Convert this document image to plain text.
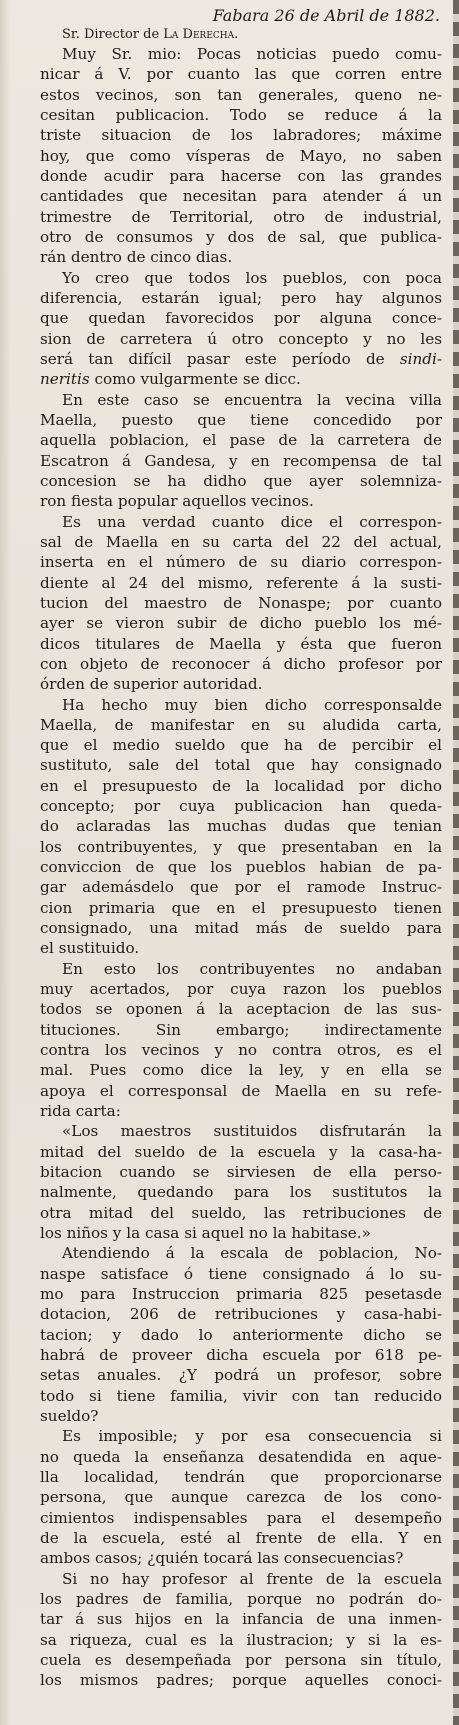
Fabara 26 de Abril de 1882.
Sr. Director de La Derecha.
Muy Sr. mio: Pocas noticias puedo comu-
nicar á V. por cuanto las que corren entre
estos vecinos, son tan generales, queno ne-
cesitan publicacion. Todo se reduce á la
triste situacion de los labradores; máxime
hoy, que como vísperas de Mayo, no saben
donde acudir para hacerse con las grandes
cantidades que necesitan para atender á un
trimestre de Territorial, otro de industrial,
otro de consumos y dos de sal, que publica-
rán dentro de cinco dias.
Yo creo que todos los pueblos, con poca
diferencia, estarán igual; pero hay algunos
que quedan favorecidos por alguna conce-
sion de carretera ú otro concepto y no les
será tan difícil pasar este período de sindi-
neritis como vulgarmente se dicc.
En este caso se encuentra la vecina villa
Maella, puesto que tiene concedido por
aquella poblacion, el pase de la carretera de
Escatron á Gandesa, y en recompensa de tal
concesion se ha didho que ayer solemniza-
ron fiesta popular aquellos vecinos.
Es una verdad cuanto dice el correspon-
sal de Maella en su carta del 22 del actual,
inserta en el número de su diario correspon-
diente al 24 del mismo, referente á la susti-
tucion del maestro de Nonaspe; por cuanto
ayer se vieron subir de dicho pueblo los mé-
dicos titulares de Maella y ésta que fueron
con objeto de reconocer á dicho profesor por
órden de superior autoridad.
Ha hecho muy bien dicho corresponsalde
Maella, de manifestar en su aludida carta,
que el medio sueldo que ha de percibir el
sustituto, sale del total que hay consignado
en el presupuesto de la localidad por dicho
concepto; por cuya publicacion han queda-
do aclaradas las muchas dudas que tenian
los contribuyentes, y que presentaban en la
conviccion de que los pueblos habian de pa-
gar ademásdelo que por el ramode Instruc-
cion primaria que en el presupuesto tienen
consignado, una mitad más de sueldo para
el sustituido.
En esto los contribuyentes no andaban
muy acertados, por cuya razon los pueblos
todos se oponen á la aceptacion de las sus-
tituciones. Sin embargo; indirectamente
contra los vecinos y no contra otros, es el
mal. Pues como dice la ley, y en ella se
apoya el corresponsal de Maella en su refe-
rida carta:
«Los maestros sustituidos disfrutarán la
mitad del sueldo de la escuela y la casa-ha-
bitacion cuando se sirviesen de ella perso-
nalmente, quedando para los sustitutos la
otra mitad del sueldo, las retribuciones de
los niños y la casa si aquel no la habitase.»
Atendiendo á la escala de poblacion, No-
naspe satisface ó tiene consignado á lo su-
mo para Instruccion primaria 825 pesetasde
dotacion, 206 de retribuciones y casa-habi-
tacion; y dado lo anteriormente dicho se
habrá de proveer dicha escuela por 618 pe-
setas anuales. ¿Y podrá un profesor, sobre
todo si tiene familia, vivir con tan reducido
sueldo?
Es imposible; y por esa consecuencia si
no queda la enseñanza desatendida en aque-
lla localidad, tendrán que proporcionarse
persona, que aunque carezca de los cono-
cimientos indispensables para el desempeño
de la escuela, esté al frente de ella. Y en
ambos casos; ¿quién tocará las consecuencias?
Si no hay profesor al frente de la escuela
los padres de familia, porque no podrán do-
tar á sus hijos en la infancia de una inmen-
sa riqueza, cual es la ilustracion; y si la es-
cuela es desempeñada por persona sin título,
los mismos padres; porque aquelles conoci-
